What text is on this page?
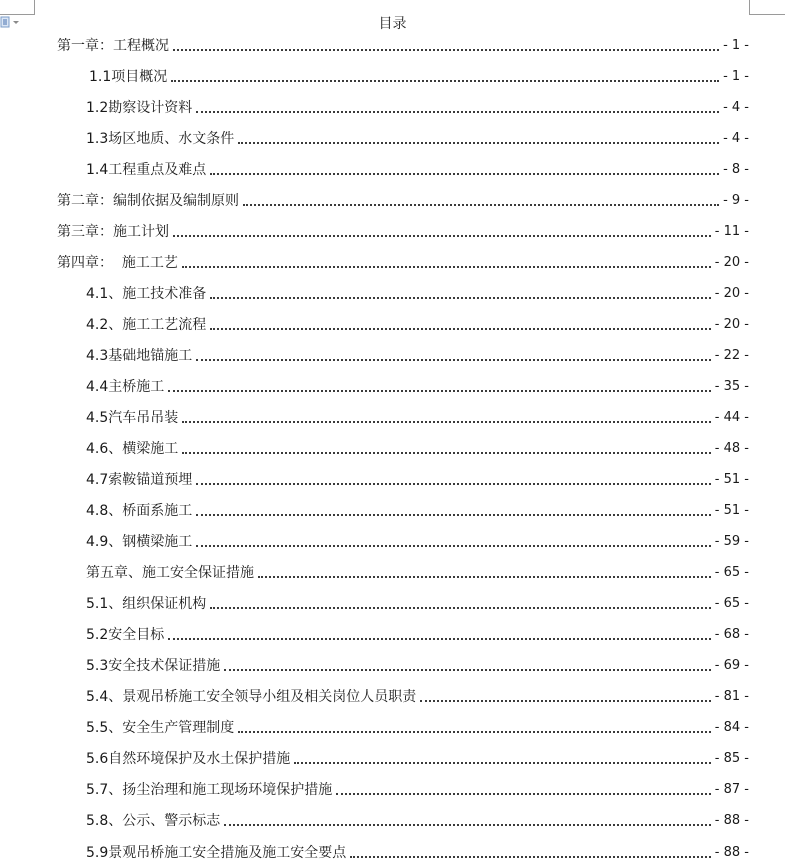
目录
第一章：工程概况	- 1 -
1.1项目概况	- 1 -
1.2勘察设计资料	- 4 -
1.3场区地质、水文条件	- 4 -
1.4工程重点及难点	- 8 -
第二章：编制依据及编制原则	- 9 -
第三章：施工计划	- 11 -
第四章：  施工工艺	- 20 -
4.1、施工技术准备	- 20 -
4.2、施工工艺流程	- 20 -
4.3基础地锚施工	- 22 -
4.4主桥施工	- 35 -
4.5汽车吊吊装	- 44 -
4.6、横梁施工	- 48 -
4.7索鞍锚道预埋	- 51 -
4.8、桥面系施工	- 51 -
4.9、钢横梁施工	- 59 -
第五章、施工安全保证措施	- 65 -
5.1、组织保证机构	- 65 -
5.2安全目标	- 68 -
5.3安全技术保证措施	- 69 -
5.4、景观吊桥施工安全领导小组及相关岗位人员职责	- 81 -
5.5、安全生产管理制度	- 84 -
5.6自然环境保护及水土保护措施	- 85 -
5.7、扬尘治理和施工现场环境保护措施	- 87 -
5.8、公示、警示标志	- 88 -
5.9景观吊桥施工安全措施及施工安全要点	- 88 -
